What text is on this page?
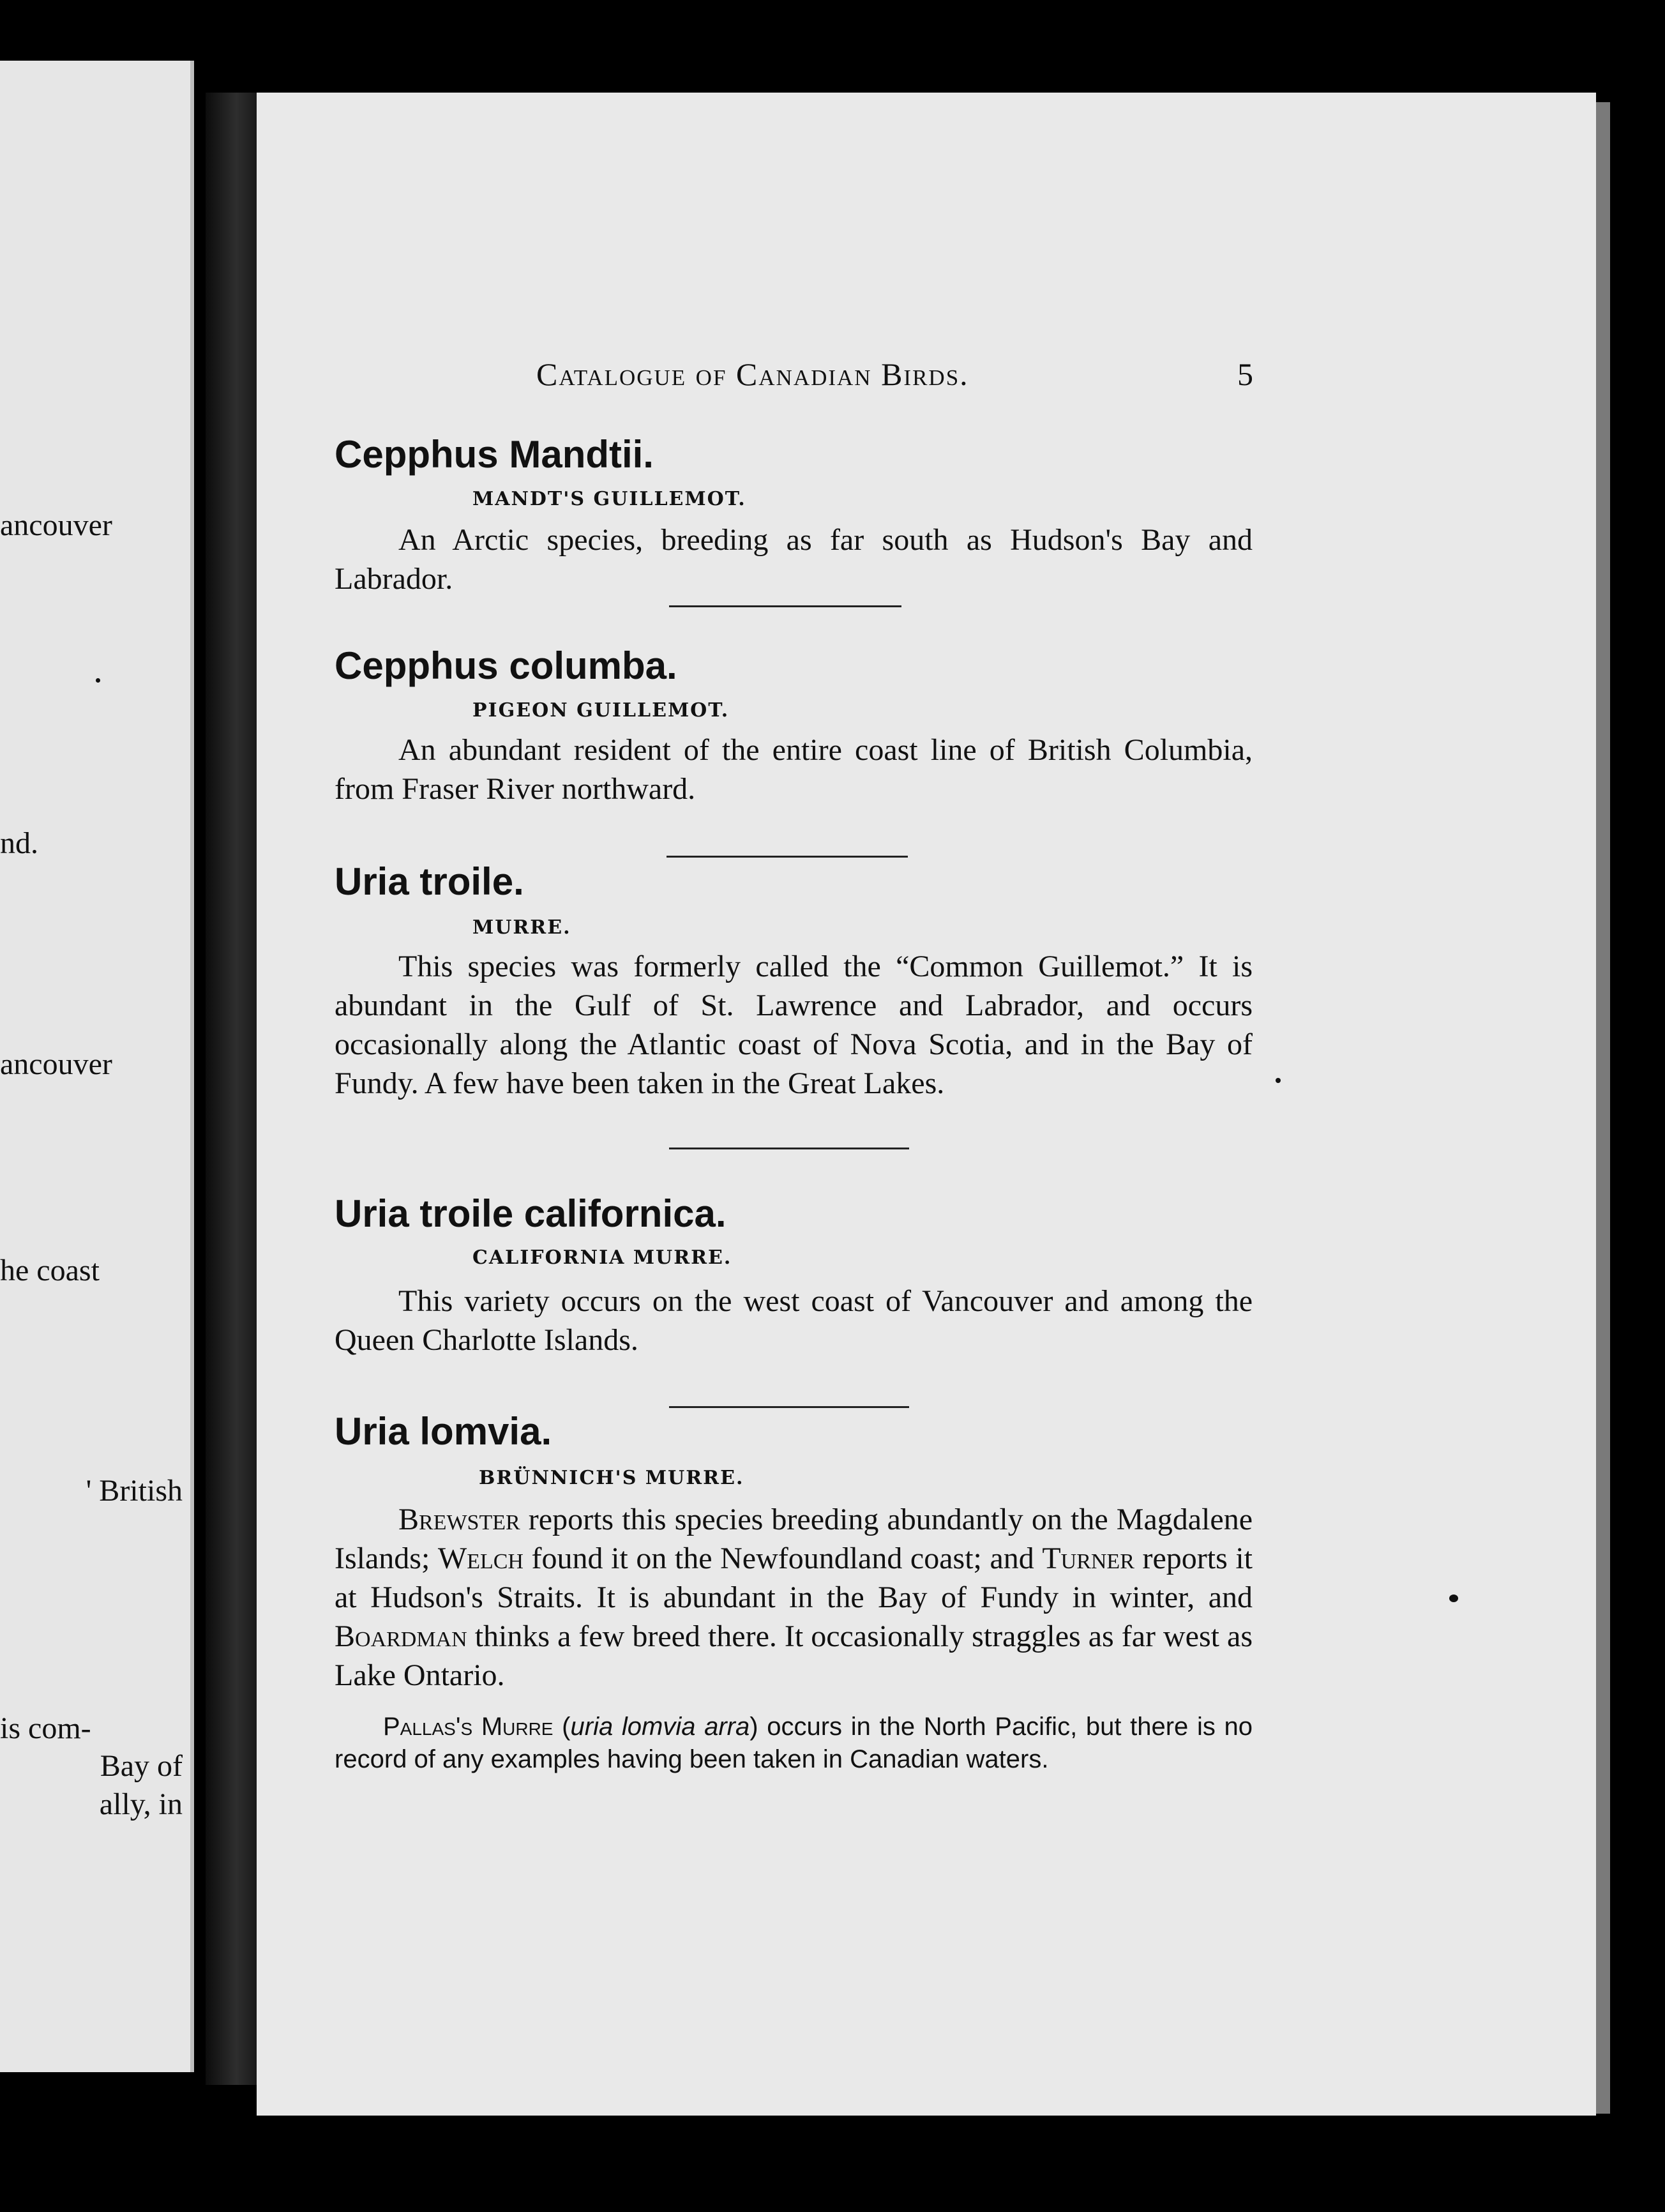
ancouver
nd.
ancouver
he coast
' British
is com-
Bay of
ally, in
Catalogue of Canadian Birds.	5
Cepphus Mandtii.
MANDT'S GUILLEMOT.
An Arctic species, breeding as far south as Hudson's Bay and Labrador.
Cepphus columba.
PIGEON GUILLEMOT.
An abundant resident of the entire coast line of British Columbia, from Fraser River northward.
Uria troile.
MURRE.
This species was formerly called the “Common Guillemot.” It is abundant in the Gulf of St. Lawrence and Labrador, and occurs occasionally along the Atlantic coast of Nova Scotia, and in the Bay of Fundy. A few have been taken in the Great Lakes.
Uria troile californica.
CALIFORNIA MURRE.
This variety occurs on the west coast of Vancouver and among the Queen Charlotte Islands.
Uria lomvia.
BRÜNNICH'S MURRE.
Brewster reports this species breeding abundantly on the Magdalene Islands; Welch found it on the Newfoundland coast; and Turner reports it at Hudson's Straits. It is abundant in the Bay of Fundy in winter, and Boardman thinks a few breed there. It occasionally straggles as far west as Lake Ontario.
Pallas's Murre (uria lomvia arra) occurs in the North Pacific, but there is no record of any examples having been taken in Canadian waters.
